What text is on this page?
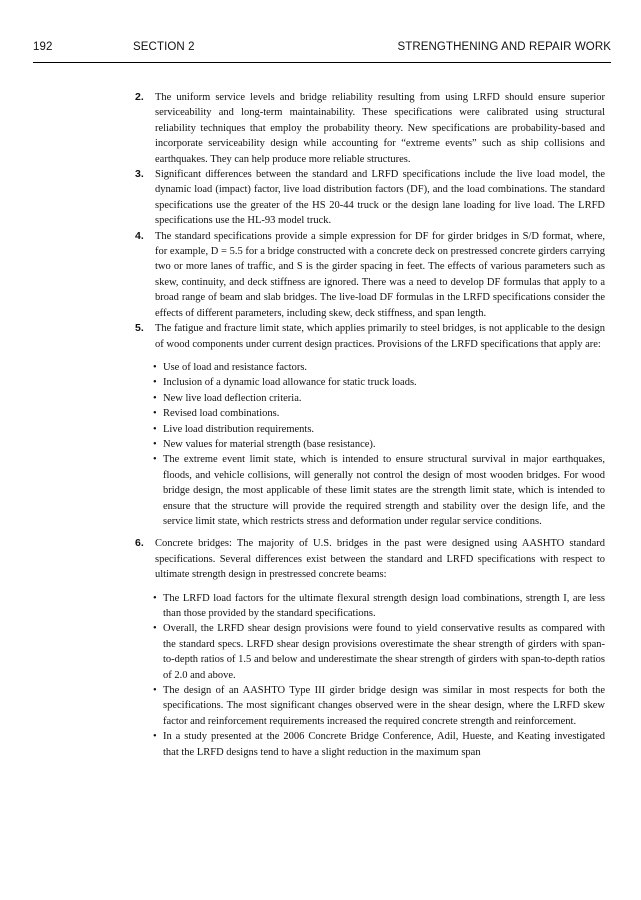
192	SECTION 2	STRENGTHENING AND REPAIR WORK
2. The uniform service levels and bridge reliability resulting from using LRFD should ensure superior serviceability and long-term maintainability. These specifications were calibrated using structural reliability techniques that employ the probability theory. New specifications are probability-based and incorporate serviceability design while accounting for “extreme events” such as ship collisions and earthquakes. They can help produce more reliable structures.
3. Significant differences between the standard and LRFD specifications include the live load model, the dynamic load (impact) factor, live load distribution factors (DF), and the load combinations. The standard specifications use the greater of the HS 20-44 truck or the design lane loading for live load. The LRFD specifications use the HL-93 model truck.
4. The standard specifications provide a simple expression for DF for girder bridges in S/D format, where, for example, D = 5.5 for a bridge constructed with a concrete deck on prestressed concrete girders carrying two or more lanes of traffic, and S is the girder spacing in feet. The effects of various parameters such as skew, continuity, and deck stiffness are ignored. There was a need to develop DF formulas that apply to a broad range of beam and slab bridges. The live-load DF formulas in the LRFD specifications consider the effects of different parameters, including skew, deck stiffness, and span length.
5. The fatigue and fracture limit state, which applies primarily to steel bridges, is not applicable to the design of wood components under current design practices. Provisions of the LRFD specifications that apply are:
• Use of load and resistance factors.
• Inclusion of a dynamic load allowance for static truck loads.
• New live load deflection criteria.
• Revised load combinations.
• Live load distribution requirements.
• New values for material strength (base resistance).
• The extreme event limit state, which is intended to ensure structural survival in major earthquakes, floods, and vehicle collisions, will generally not control the design of most wooden bridges. For wood bridge design, the most applicable of these limit states are the strength limit state, which is intended to ensure that the structure will provide the required strength and stability over the design life, and the service limit state, which restricts stress and deformation under regular service conditions.
6. Concrete bridges: The majority of U.S. bridges in the past were designed using AASHTO standard specifications. Several differences exist between the standard and LRFD specifications with respect to ultimate strength design in prestressed concrete beams:
• The LRFD load factors for the ultimate flexural strength design load combinations, strength I, are less than those provided by the standard specifications.
• Overall, the LRFD shear design provisions were found to yield conservative results as compared with the standard specs. LRFD shear design provisions overestimate the shear strength of girders with span-to-depth ratios of 1.5 and below and underestimate the shear strength of girders with span-to-depth ratios of 2.0 and above.
• The design of an AASHTO Type III girder bridge design was similar in most respects for both the specifications. The most significant changes observed were in the shear design, where the LRFD skew factor and reinforcement requirements increased the required concrete strength and reinforcement.
• In a study presented at the 2006 Concrete Bridge Conference, Adil, Hueste, and Keating investigated that the LRFD designs tend to have a slight reduction in the maximum span
